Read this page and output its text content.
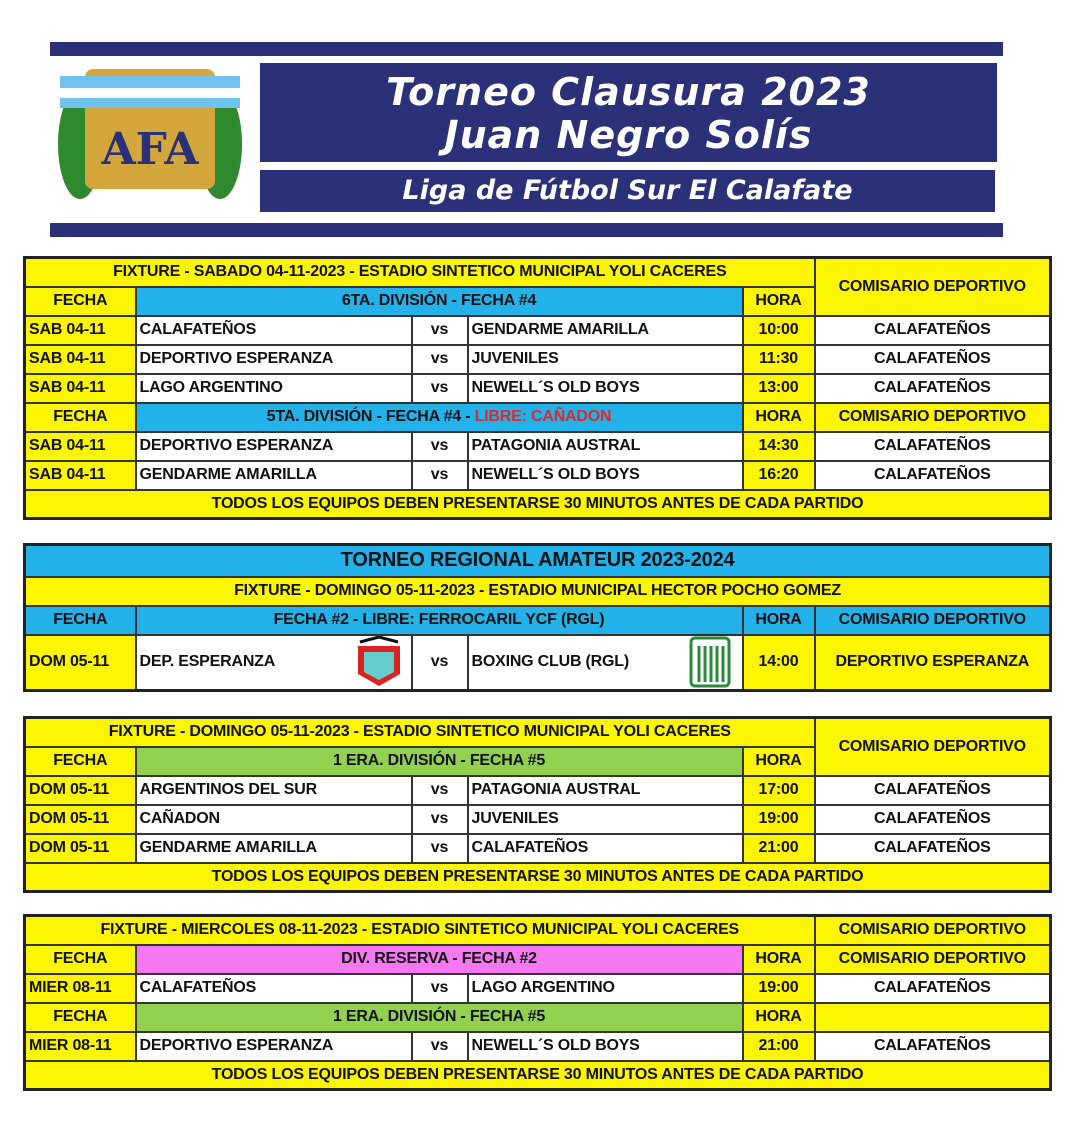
AFA
Torneo Clausura 2023
Juan Negro Solís
Liga de Fútbol Sur El Calafate
FIXTURE - SABADO 04-11-2023 - ESTADIO SINTETICO MUNICIPAL YOLI CACERES					COMISARIO DEPORTIVO
FECHA	6TA. DIVISIÓN - FECHA #4			HORA	
SAB 04-11	CALAFATEÑOS	vs	GENDARME AMARILLA	10:00	CALAFATEÑOS
SAB 04-11	DEPORTIVO ESPERANZA	vs	JUVENILES	11:30	CALAFATEÑOS
SAB 04-11	LAGO ARGENTINO	vs	NEWELL´S OLD BOYS	13:00	CALAFATEÑOS
FECHA	5TA. DIVISIÓN - FECHA #4 - LIBRE: CAÑADON			HORA	COMISARIO DEPORTIVO
SAB 04-11	DEPORTIVO ESPERANZA	vs	PATAGONIA AUSTRAL	14:30	CALAFATEÑOS
SAB 04-11	GENDARME AMARILLA	vs	NEWELL´S OLD BOYS	16:20	CALAFATEÑOS
TODOS LOS EQUIPOS DEBEN PRESENTARSE 30 MINUTOS ANTES DE CADA PARTIDO					
TORNEO REGIONAL AMATEUR 2023-2024					
FIXTURE - DOMINGO 05-11-2023 - ESTADIO MUNICIPAL HECTOR POCHO GOMEZ					
FECHA	FECHA #2 - LIBRE: FERROCARIL YCF (RGL)			HORA	COMISARIO DEPORTIVO
DOM 05-11	DEP. ESPERANZA	vs	BOXING CLUB (RGL)	14:00	DEPORTIVO ESPERANZA
FIXTURE - DOMINGO 05-11-2023 - ESTADIO SINTETICO MUNICIPAL YOLI CACERES					COMISARIO DEPORTIVO
FECHA	1 ERA. DIVISIÓN - FECHA #5			HORA	
DOM 05-11	ARGENTINOS DEL SUR	vs	PATAGONIA AUSTRAL	17:00	CALAFATEÑOS
DOM 05-11	CAÑADON	vs	JUVENILES	19:00	CALAFATEÑOS
DOM 05-11	GENDARME AMARILLA	vs	CALAFATEÑOS	21:00	CALAFATEÑOS
TODOS LOS EQUIPOS DEBEN PRESENTARSE 30 MINUTOS ANTES DE CADA PARTIDO					
FIXTURE - MIERCOLES 08-11-2023 - ESTADIO SINTETICO MUNICIPAL YOLI CACERES					COMISARIO DEPORTIVO
FECHA	DIV. RESERVA - FECHA #2			HORA	COMISARIO DEPORTIVO
MIER 08-11	CALAFATEÑOS	vs	LAGO ARGENTINO	19:00	CALAFATEÑOS
FECHA	1 ERA. DIVISIÓN - FECHA #5			HORA	
MIER 08-11	DEPORTIVO ESPERANZA	vs	NEWELL´S OLD BOYS	21:00	CALAFATEÑOS
TODOS LOS EQUIPOS DEBEN PRESENTARSE 30 MINUTOS ANTES DE CADA PARTIDO					
